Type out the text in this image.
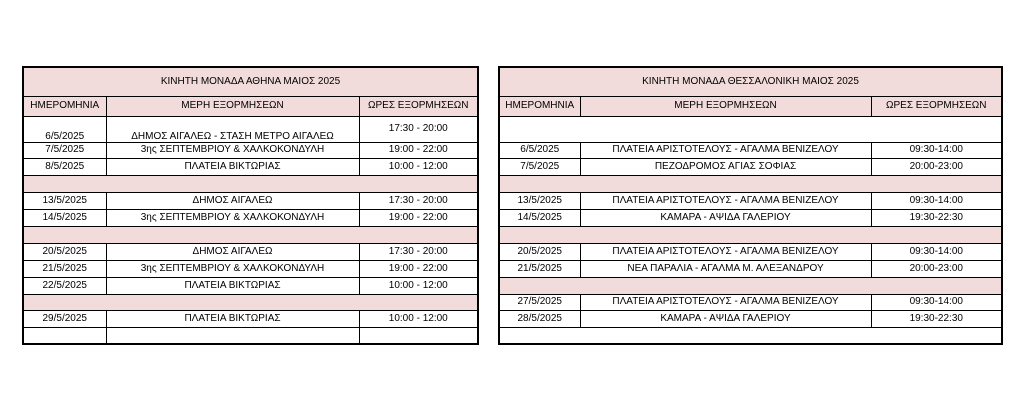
ΚΙΝΗΤΗ ΜΟΝΑΔΑ ΑΘΗΝΑ ΜΑΙΟΣ 2025		
ΗΜΕΡΟΜΗΝΙΑ	ΜΕΡΗ ΕΞΟΡΜΗΣΕΩΝ	ΩΡΕΣ ΕΞΟΡΜΗΣΕΩΝ
6/5/2025	ΔΗΜΟΣ ΑΙΓΑΛΕΩ - ΣΤΑΣΗ ΜΕΤΡΟ ΑΙΓΑΛΕΩ	17:30 - 20:00
7/5/2025	3ης ΣΕΠΤΕΜΒΡΙΟΥ & ΧΑΛΚΟΚΟΝΔΥΛΗ	19:00 - 22:00
8/5/2025	ΠΛΑΤΕΙΑ ΒΙΚΤΩΡΙΑΣ	10:00 - 12:00

13/5/2025	ΔΗΜΟΣ ΑΙΓΑΛΕΩ	17:30 - 20:00
14/5/2025	3ης ΣΕΠΤΕΜΒΡΙΟΥ & ΧΑΛΚΟΚΟΝΔΥΛΗ	19:00 - 22:00

20/5/2025	ΔΗΜΟΣ ΑΙΓΑΛΕΩ	17:30 - 20:00
21/5/2025	3ης ΣΕΠΤΕΜΒΡΙΟΥ & ΧΑΛΚΟΚΟΝΔΥΛΗ	19:00 - 22:00
22/5/2025	ΠΛΑΤΕΙΑ ΒΙΚΤΩΡΙΑΣ	10:00 - 12:00

29/5/2025	ΠΛΑΤΕΙΑ ΒΙΚΤΩΡΙΑΣ	10:00 - 12:00

ΚΙΝΗΤΗ ΜΟΝΑΔΑ ΘΕΣΣΑΛΟΝΙΚΗ ΜΑΙΟΣ 2025		
ΗΜΕΡΟΜΗΝΙΑ	ΜΕΡΗ ΕΞΟΡΜΗΣΕΩΝ	ΩΡΕΣ ΕΞΟΡΜΗΣΕΩΝ

6/5/2025	ΠΛΑΤΕΙΑ ΑΡΙΣΤΟΤΕΛΟΥΣ - ΑΓΑΛΜΑ ΒΕΝΙΖΕΛΟΥ	09:30-14:00
7/5/2025	ΠΕΖΟΔΡΟΜΟΣ ΑΓΙΑΣ ΣΟΦΙΑΣ	20:00-23:00

13/5/2025	ΠΛΑΤΕΙΑ ΑΡΙΣΤΟΤΕΛΟΥΣ - ΑΓΑΛΜΑ ΒΕΝΙΖΕΛΟΥ	09:30-14:00
14/5/2025	ΚΑΜΑΡΑ - ΑΨΙΔΑ ΓΑΛΕΡΙΟΥ	19:30-22:30

20/5/2025	ΠΛΑΤΕΙΑ ΑΡΙΣΤΟΤΕΛΟΥΣ - ΑΓΑΛΜΑ ΒΕΝΙΖΕΛΟΥ	09:30-14:00
21/5/2025	ΝΕΑ ΠΑΡΑΛΙΑ - ΑΓΑΛΜΑ Μ. ΑΛΕΞΑΝΔΡΟΥ	20:00-23:00

27/5/2025	ΠΛΑΤΕΙΑ ΑΡΙΣΤΟΤΕΛΟΥΣ - ΑΓΑΛΜΑ ΒΕΝΙΖΕΛΟΥ	09:30-14:00
28/5/2025	ΚΑΜΑΡΑ - ΑΨΙΔΑ ΓΑΛΕΡΙΟΥ	19:30-22:30
